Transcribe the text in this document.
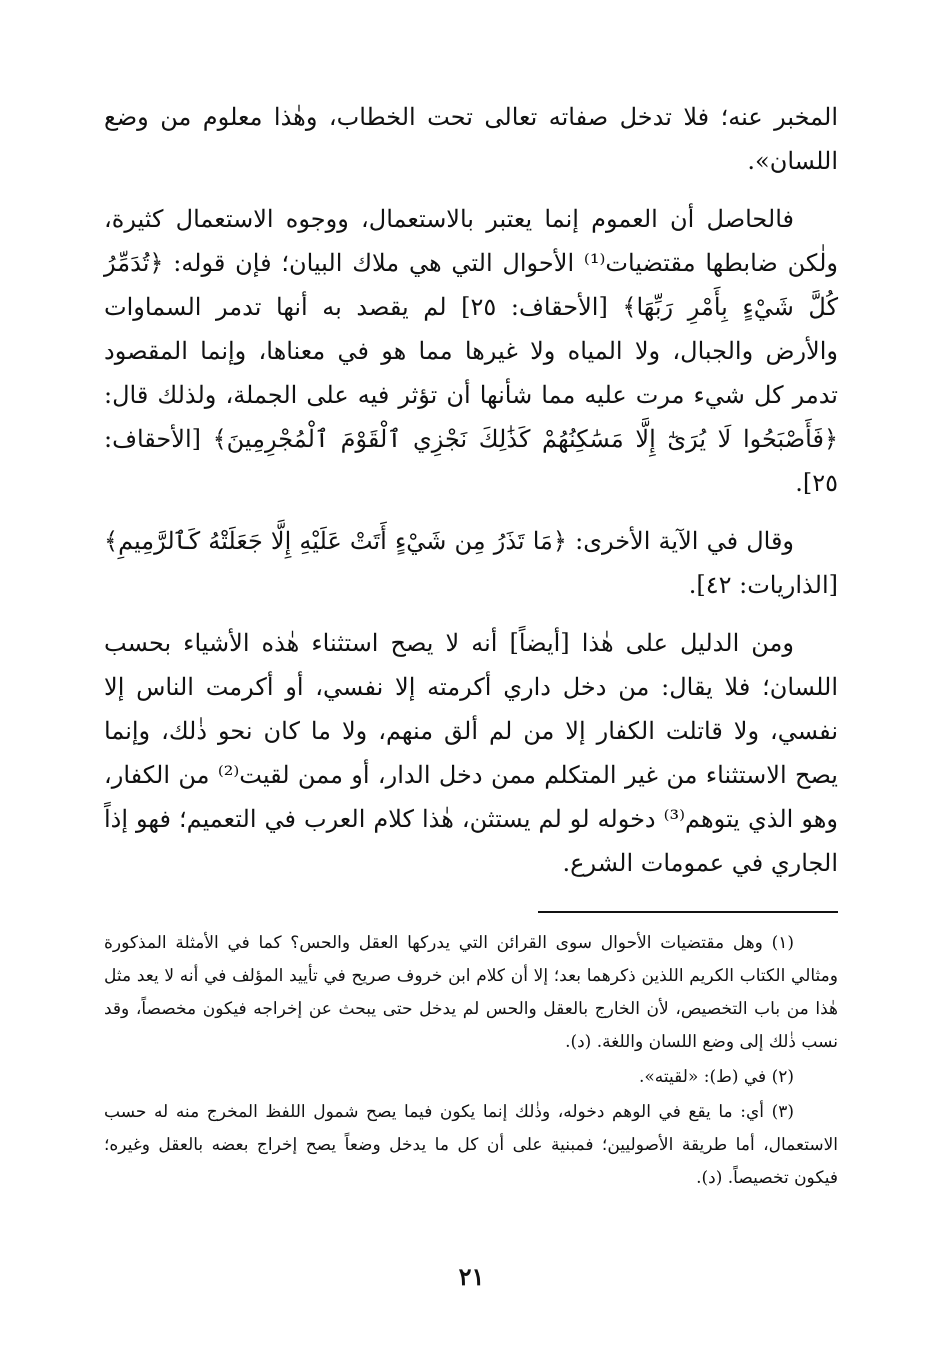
المخبر عنه؛ فلا تدخل صفاته تعالى تحت الخطاب، وهٰذا معلوم من وضع اللسان».

فالحاصل أن العموم إنما يعتبر بالاستعمال، ووجوه الاستعمال كثيرة، ولٰكن ضابطها مقتضيات⁽¹⁾ الأحوال التي هي ملاك البيان؛ فإن قوله: ﴿تُدَمِّرُ كُلَّ شَيْءٍ بِأَمْرِ رَبِّهَا﴾ [الأحقاف: ٢٥] لم يقصد به أنها تدمر السماوات والأرض والجبال، ولا المياه ولا غيرها مما هو في معناها، وإنما المقصود تدمر كل شيء مرت عليه مما شأنها أن تؤثر فيه على الجملة، ولذلك قال: ﴿فَأَصْبَحُوا لَا يُرَىٰٓ إِلَّا مَسَٰكِنُهُمْ كَذَٰلِكَ نَجْزِي ٱلْقَوْمَ ٱلْمُجْرِمِينَ﴾ [الأحقاف: ٢٥].

وقال في الآية الأخرى: ﴿مَا تَذَرُ مِن شَيْءٍ أَتَتْ عَلَيْهِ إِلَّا جَعَلَتْهُ كَٱلرَّمِيمِ﴾ [الذاريات: ٤٢].

ومن الدليل على هٰذا [أيضاً] أنه لا يصح استثناء هٰذه الأشياء بحسب اللسان؛ فلا يقال: من دخل داري أكرمته إلا نفسي، أو أكرمت الناس إلا نفسي، ولا قاتلت الكفار إلا من لم ألق منهم، ولا ما كان نحو ذٰلك، وإنما يصح الاستثناء من غير المتكلم ممن دخل الدار، أو ممن لقيت⁽²⁾ من الكفار، وهو الذي يتوهم⁽³⁾ دخوله لو لم يستثن، هٰذا كلام العرب في التعميم؛ فهو إذاً الجاري في عمومات الشرع.

(١) وهل مقتضيات الأحوال سوى القرائن التي يدركها العقل والحس؟ كما في الأمثلة المذكورة ومثالي الكتاب الكريم اللذين ذكرهما بعد؛ إلا أن كلام ابن خروف صريح في تأييد المؤلف في أنه لا يعد مثل هٰذا من باب التخصيص، لأن الخارج بالعقل والحس لم يدخل حتى يبحث عن إخراجه فيكون مخصصاً، وقد نسب ذٰلك إلى وضع اللسان واللغة. (د).

(٢) في (ط): «لقيته».

(٣) أي: ما يقع في الوهم دخوله، وذٰلك إنما يكون فيما يصح شمول اللفظ المخرج منه له حسب الاستعمال، أما طريقة الأصوليين؛ فمبنية على أن كل ما يدخل وضعاً يصح إخراج بعضه بالعقل وغيره؛ فيكون تخصيصاً. (د).

٢١
